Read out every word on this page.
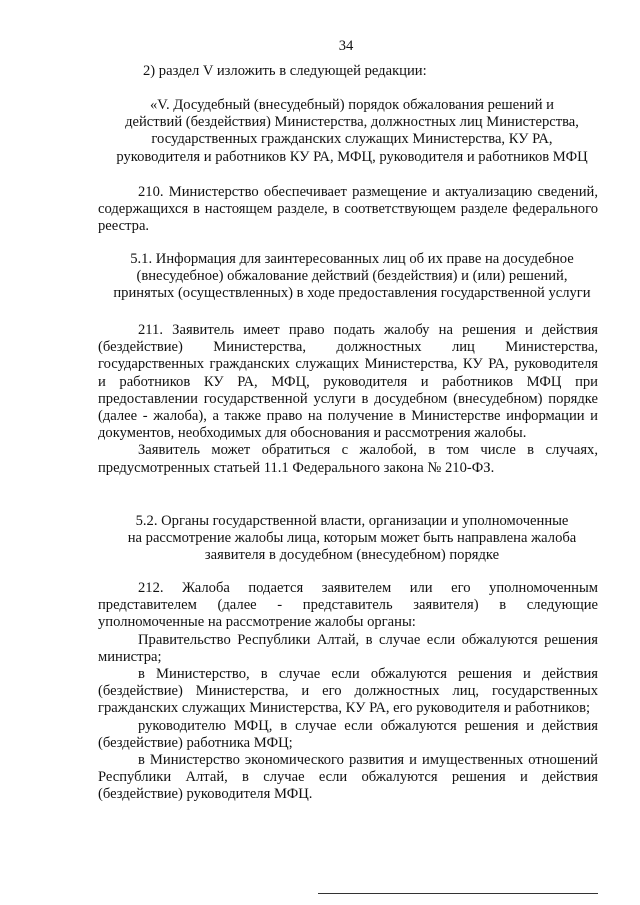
34
2) раздел V изложить в следующей редакции:
«V. Досудебный (внесудебный) порядок обжалования решений и
действий (бездействия) Министерства, должностных лиц Министерства,
государственных гражданских служащих Министерства, КУ РА,
руководителя и работников КУ РА, МФЦ, руководителя и работников МФЦ

210. Министерство обеспечивает размещение и актуализацию сведений, содержащихся в настоящем разделе, в соответствующем разделе федерального реестра.

5.1. Информация для заинтересованных лиц об их праве на досудебное
(внесудебное) обжалование действий (бездействия) и (или) решений,
принятых (осуществленных) в ходе предоставления государственной услуги

211. Заявитель имеет право подать жалобу на решения и действия (бездействие) Министерства, должностных лиц Министерства, государственных гражданских служащих Министерства, КУ РА, руководителя и работников КУ РА, МФЦ, руководителя и работников МФЦ при предоставлении государственной услуги в досудебном (внесудебном) порядке (далее - жалоба), а также право на получение в Министерстве информации и документов, необходимых для обоснования и рассмотрения жалобы.

Заявитель может обратиться с жалобой, в том числе в случаях, предусмотренных статьей 11.1 Федерального закона № 210-ФЗ.

5.2. Органы государственной власти, организации и уполномоченные
на рассмотрение жалобы лица, которым может быть направлена жалоба
заявителя в досудебном (внесудебном) порядке

212. Жалоба подается заявителем или его уполномоченным представителем (далее - представитель заявителя) в следующие уполномоченные на рассмотрение жалобы органы:

Правительство Республики Алтай, в случае если обжалуются решения министра;

в Министерство, в случае если обжалуются решения и действия (бездействие) Министерства, и его должностных лиц, государственных гражданских служащих Министерства, КУ РА, его руководителя и работников;

руководителю МФЦ, в случае если обжалуются решения и действия (бездействие) работника МФЦ;

в Министерство экономического развития и имущественных отношений Республики Алтай, в случае если обжалуются решения и действия (бездействие) руководителя МФЦ.
